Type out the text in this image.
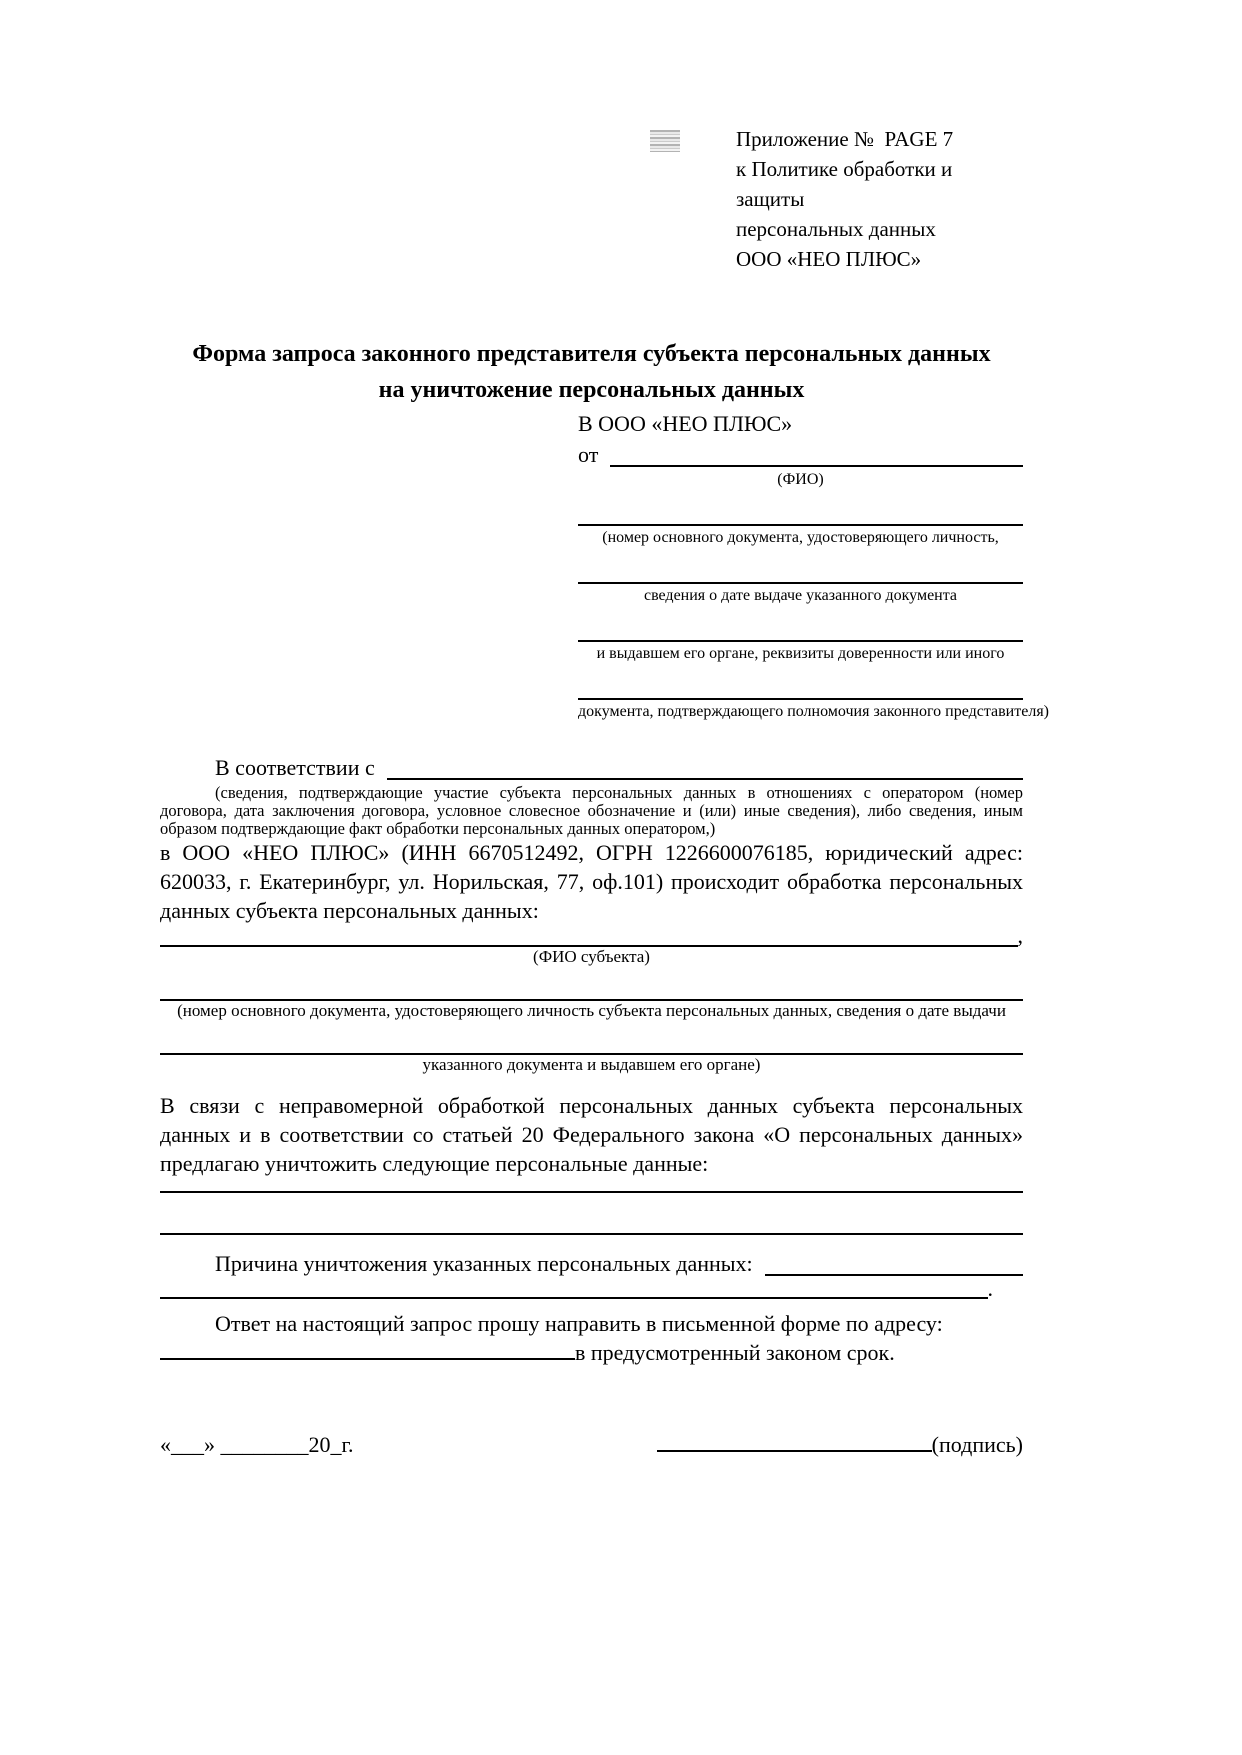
Приложение №  PAGE 7
к Политике обработки и защиты
персональных данных
ООО «НЕО ПЛЮС»
Форма запроса законного представителя субъекта персональных данных
на уничтожение персональных данных
В ООО «НЕО ПЛЮС»
от
(ФИО)
(номер основного документа, удостоверяющего личность,
сведения о дате выдаче указанного документа
и выдавшем его органе, реквизиты доверенности или иного
документа, подтверждающего полномочия законного представителя)
В соответствии с
(сведения, подтверждающие участие субъекта персональных данных в отношениях с оператором (номер договора, дата заключения договора, условное словесное обозначение и (или) иные сведения), либо сведения, иным образом подтверждающие факт обработки персональных данных оператором,)

в ООО «НЕО ПЛЮС» (ИНН 6670512492, ОГРН 1226600076185, юридический адрес: 620033, г. Екатеринбург, ул. Норильская, 77, оф.101) происходит обработка персональных данных субъекта персональных данных:

,
(ФИО субъекта)
(номер основного документа, удостоверяющего личность субъекта персональных данных, сведения о дате выдачи
указанного документа и выдавшем его органе)

В связи с неправомерной обработкой персональных данных субъекта персональных данных и в соответствии со статьей 20 Федерального закона «О персональных данных» предлагаю уничтожить следующие персональные данные:

Причина уничтожения указанных персональных данных:
.
Ответ на настоящий запрос прошу направить в письменной форме по адресу:
в предусмотренный законом срок.
«___» ________20_г.	(подпись)
